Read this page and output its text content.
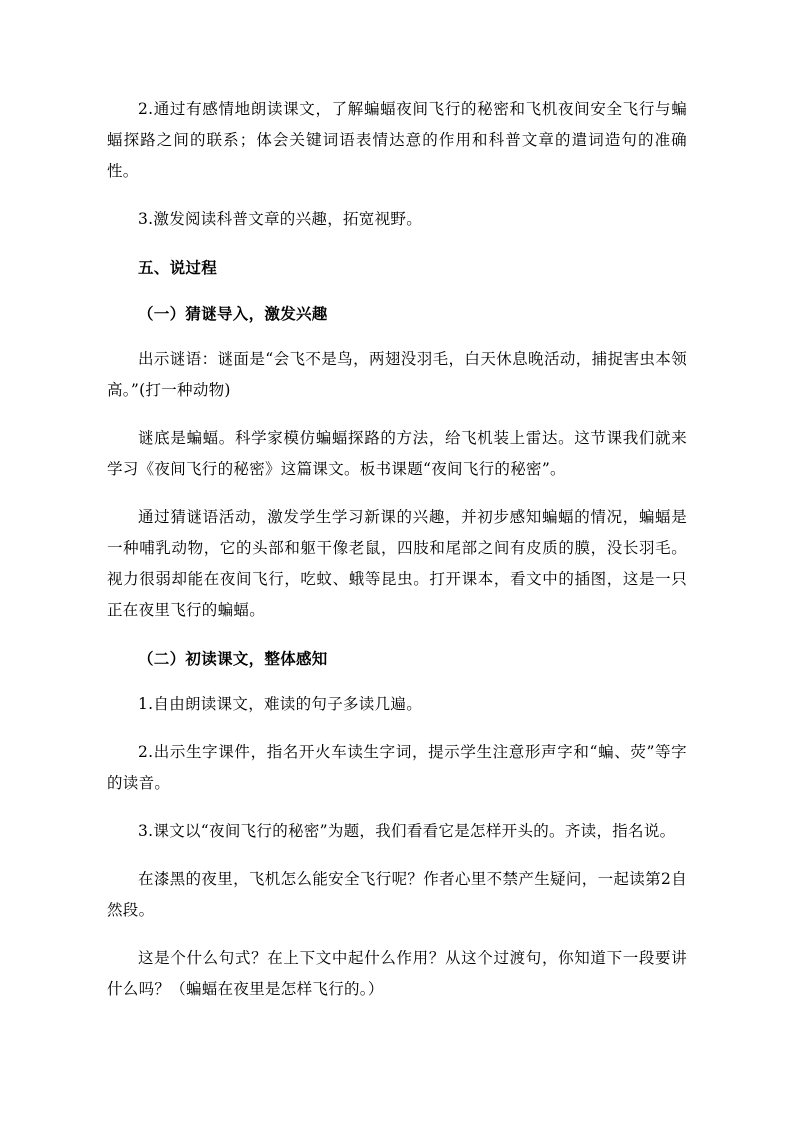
2.通过有感情地朗读课文，了解蝙蝠夜间飞行的秘密和飞机夜间安全飞行与蝙蝠探路之间的联系；体会关键词语表情达意的作用和科普文章的遣词造句的准确性。

3.激发阅读科普文章的兴趣，拓宽视野。

五、说过程

（一）猜谜导入，激发兴趣

出示谜语：谜面是“会飞不是鸟，两翅没羽毛，白天休息晚活动，捕捉害虫本领高。”(打一种动物)

谜底是蝙蝠。科学家模仿蝙蝠探路的方法，给飞机装上雷达。这节课我们就来学习《夜间飞行的秘密》这篇课文。板书课题“夜间飞行的秘密”。

通过猜谜语活动，激发学生学习新课的兴趣，并初步感知蝙蝠的情况，蝙蝠是一种哺乳动物，它的头部和躯干像老鼠，四肢和尾部之间有皮质的膜，没长羽毛。视力很弱却能在夜间飞行，吃蚊、蛾等昆虫。打开课本，看文中的插图，这是一只正在夜里飞行的蝙蝠。

（二）初读课文，整体感知

1.自由朗读课文，难读的句子多读几遍。

2.出示生字课件，指名开火车读生字词，提示学生注意形声字和“蝙、荧”等字的读音。

3.课文以“夜间飞行的秘密”为题，我们看看它是怎样开头的。齐读，指名说。

在漆黑的夜里，飞机怎么能安全飞行呢？作者心里不禁产生疑问，一起读第2自然段。

这是个什么句式？在上下文中起什么作用？从这个过渡句，你知道下一段要讲什么吗？（蝙蝠在夜里是怎样飞行的。）
